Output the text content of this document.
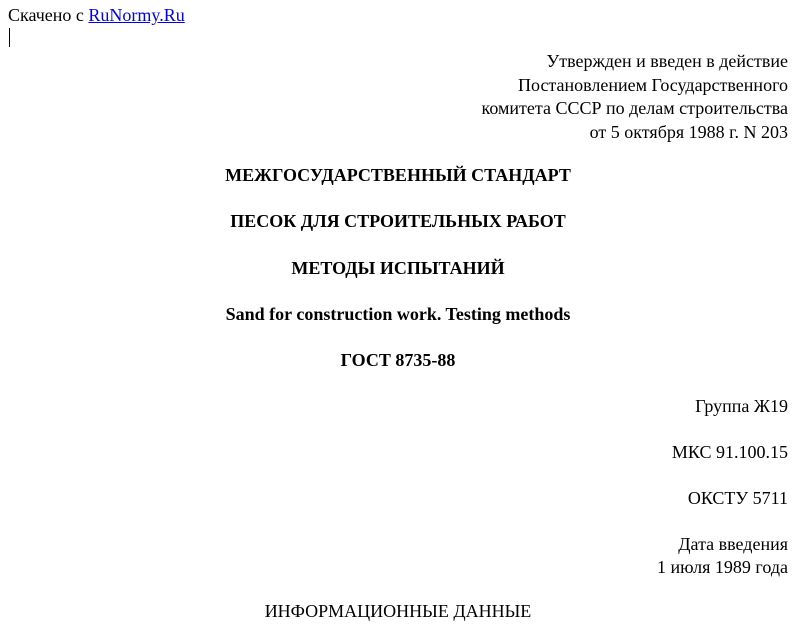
Скачено с RuNormy.Ru
Утвержден и введен в действие
Постановлением Государственного
комитета СССР по делам строительства
от 5 октября 1988 г. N 203
МЕЖГОСУДАРСТВЕННЫЙ СТАНДАРТ
ПЕСОК ДЛЯ СТРОИТЕЛЬНЫХ РАБОТ
МЕТОДЫ ИСПЫТАНИЙ
Sand for construction work. Testing methods
ГОСТ 8735-88
Группа Ж19
МКС 91.100.15
ОКСТУ 5711
Дата введения
1 июля 1989 года
ИНФОРМАЦИОННЫЕ ДАННЫЕ
